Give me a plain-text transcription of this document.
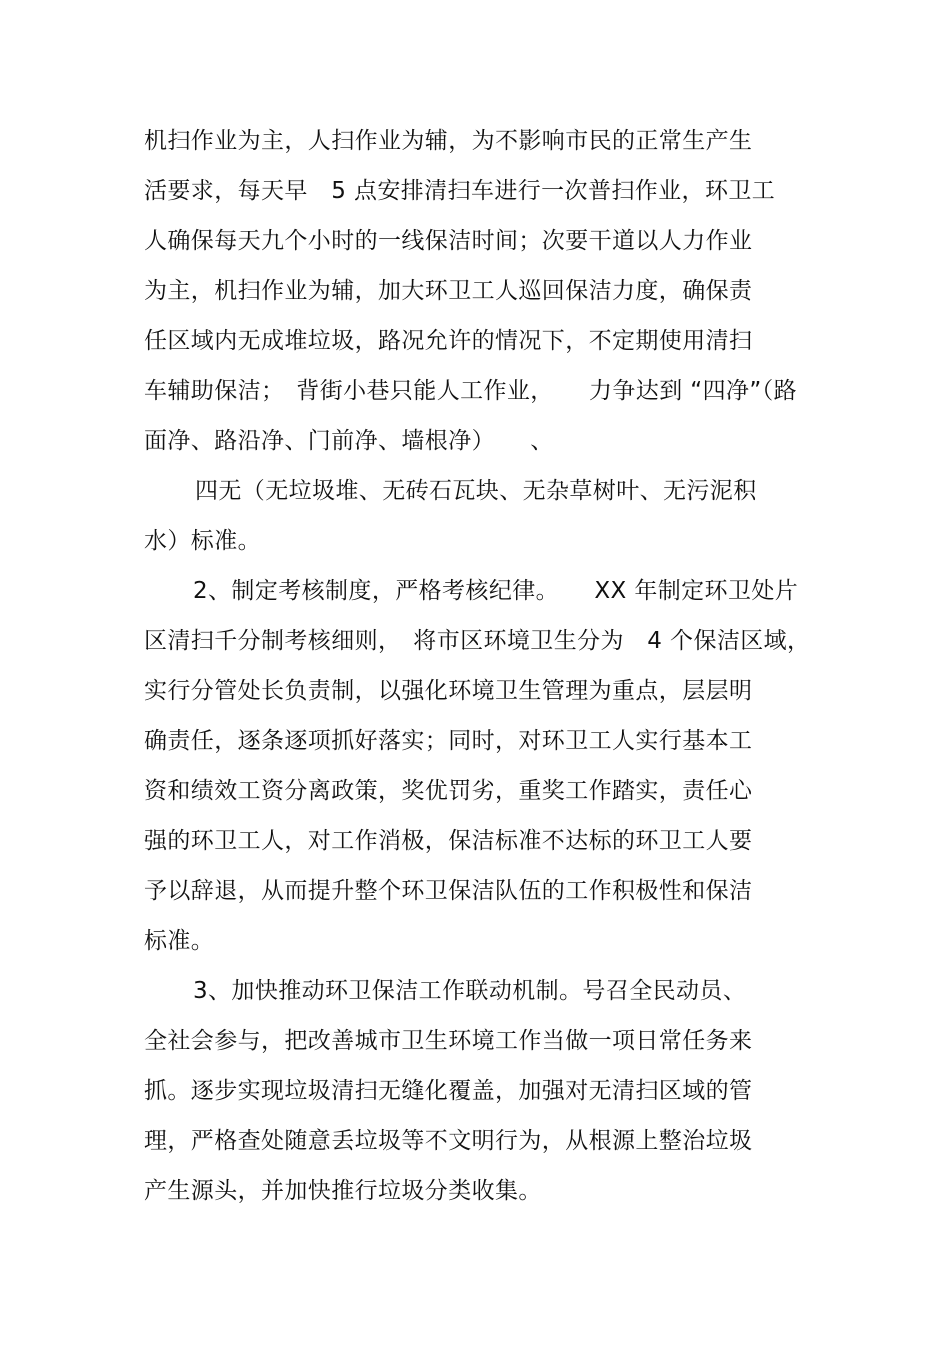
机扫作业为主，人扫作业为辅，为不影响市民的正常生产生
活要求，每天早　5 点安排清扫车进行一次普扫作业，环卫工
人确保每天九个小时的一线保洁时间；次要干道以人力作业
为主，机扫作业为辅，加大环卫工人巡回保洁力度，确保责
任区域内无成堆垃圾，路况允许的情况下，不定期使用清扫
车辅助保洁；　背街小巷只能人工作业，　　力争达到 “四净”（路
面净、路沿净、门前净、墙根净）　　、
四无（无垃圾堆、无砖石瓦块、无杂草树叶、无污泥积
水）标准。
2、制定考核制度，严格考核纪律。　　XX 年制定环卫处片
区清扫千分制考核细则，　将市区环境卫生分为　4 个保洁区域，
实行分管处长负责制，以强化环境卫生管理为重点，层层明
确责任，逐条逐项抓好落实；同时，对环卫工人实行基本工
资和绩效工资分离政策，奖优罚劣，重奖工作踏实，责任心
强的环卫工人，对工作消极，保洁标准不达标的环卫工人要
予以辞退，从而提升整个环卫保洁队伍的工作积极性和保洁
标准。
3、加快推动环卫保洁工作联动机制。号召全民动员、
全社会参与，把改善城市卫生环境工作当做一项日常任务来
抓。逐步实现垃圾清扫无缝化覆盖，加强对无清扫区域的管
理，严格查处随意丢垃圾等不文明行为，从根源上整治垃圾
产生源头，并加快推行垃圾分类收集。
